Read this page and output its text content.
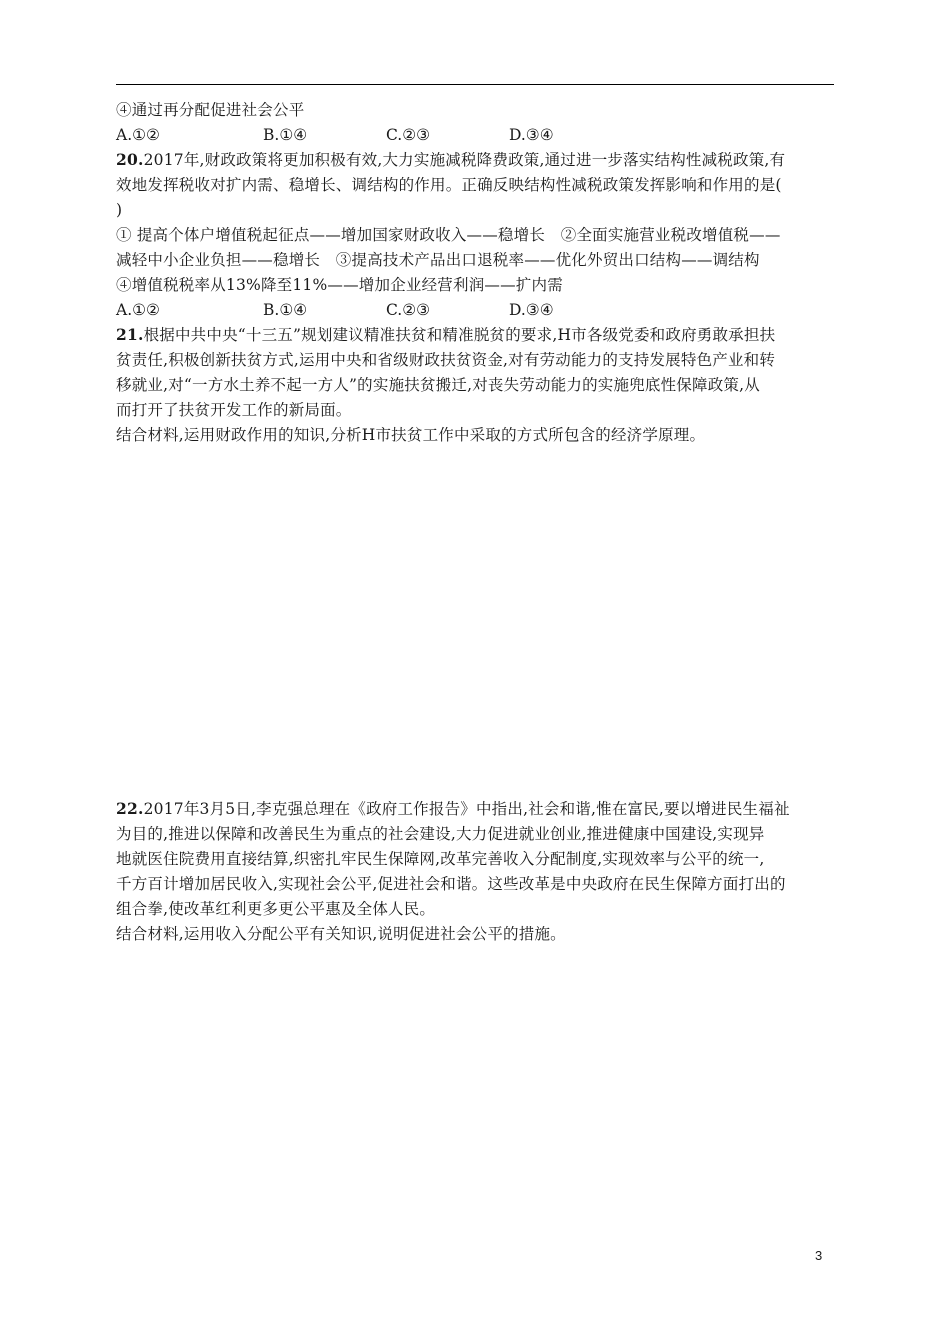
④通过再分配促进社会公平
A.①②	B.①④	C.②③	D.③④
20.2017年,财政政策将更加积极有效,大力实施减税降费政策,通过进一步落实结构性减税政策,有
效地发挥税收对扩内需、稳增长、调结构的作用。正确反映结构性减税政策发挥影响和作用的是(
)
① 提高个体户增值税起征点——增加国家财政收入——稳增长　②全面实施营业税改增值税——
减轻中小企业负担——稳增长　③提高技术产品出口退税率——优化外贸出口结构——调结构
④增值税税率从13%降至11%——增加企业经营利润——扩内需
A.①②	B.①④	C.②③	D.③④
21.根据中共中央“十三五”规划建议精准扶贫和精准脱贫的要求,H市各级党委和政府勇敢承担扶
贫责任,积极创新扶贫方式,运用中央和省级财政扶贫资金,对有劳动能力的支持发展特色产业和转
移就业,对“一方水土养不起一方人”的实施扶贫搬迁,对丧失劳动能力的实施兜底性保障政策,从
而打开了扶贫开发工作的新局面。
结合材料,运用财政作用的知识,分析H市扶贫工作中采取的方式所包含的经济学原理。
22.2017年3月5日,李克强总理在《政府工作报告》中指出,社会和谐,惟在富民,要以增进民生福祉
为目的,推进以保障和改善民生为重点的社会建设,大力促进就业创业,推进健康中国建设,实现异
地就医住院费用直接结算,织密扎牢民生保障网,改革完善收入分配制度,实现效率与公平的统一,
千方百计增加居民收入,实现社会公平,促进社会和谐。这些改革是中央政府在民生保障方面打出的
组合拳,使改革红利更多更公平惠及全体人民。
结合材料,运用收入分配公平有关知识,说明促进社会公平的措施。
3
